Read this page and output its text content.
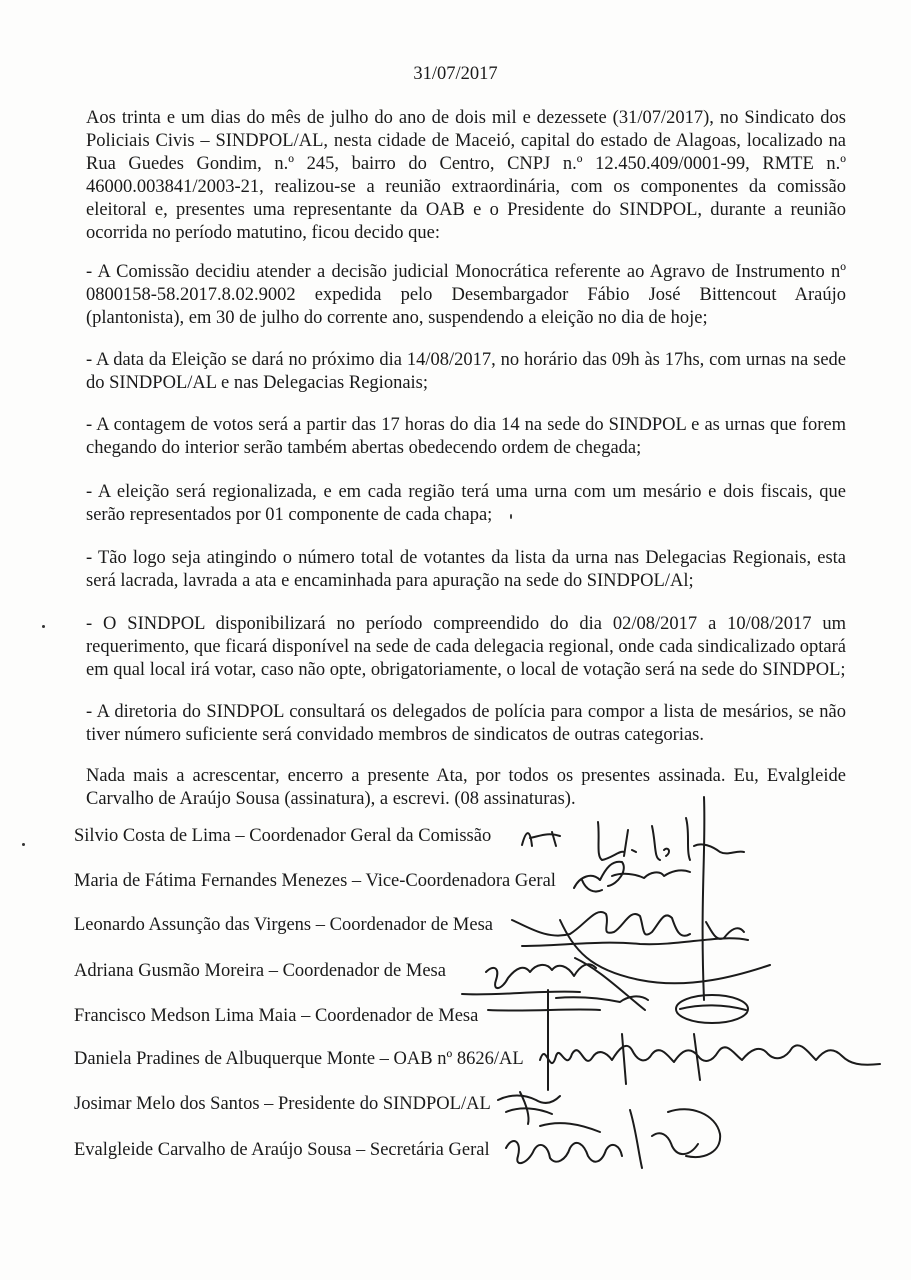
31/07/2017

Aos trinta e um dias do mês de julho do ano de dois mil e dezessete (31/07/2017), no Sindicato dos Policiais Civis – SINDPOL/AL, nesta cidade de Maceió, capital do estado de Alagoas, localizado na Rua Guedes Gondim, n.º 245, bairro do Centro, CNPJ n.º 12.450.409/0001-99, RMTE n.º 46000.003841/2003-21, realizou-se a reunião extraordinária, com os componentes da comissão eleitoral e, presentes uma representante da OAB e o Presidente do SINDPOL, durante a reunião ocorrida no período matutino, ficou decido que:

- A Comissão decidiu atender a decisão judicial Monocrática referente ao Agravo de Instrumento nº 0800158-58.2017.8.02.9002 expedida pelo Desembargador Fábio José Bittencout Araújo (plantonista), em 30 de julho do corrente ano, suspendendo a eleição no dia de hoje;

- A data da Eleição se dará no próximo dia 14/08/2017, no horário das 09h às 17hs, com urnas na sede do SINDPOL/AL e nas Delegacias Regionais;

- A contagem de votos será a partir das 17 horas do dia 14 na sede do SINDPOL e as urnas que forem chegando do interior serão também abertas obedecendo ordem de chegada;

- A eleição será regionalizada, e em cada região terá uma urna com um mesário e dois fiscais, que serão representados por 01 componente de cada chapa;

- Tão logo seja atingindo o número total de votantes da lista da urna nas Delegacias Regionais, esta será lacrada, lavrada a ata e encaminhada para apuração na sede do SINDPOL/Al;

- O SINDPOL disponibilizará no período compreendido do dia 02/08/2017 a 10/08/2017 um requerimento, que ficará disponível na sede de cada delegacia regional, onde cada sindicalizado optará em qual local irá votar, caso não opte, obrigatoriamente, o local de votação será na sede do SINDPOL;

- A diretoria do SINDPOL consultará os delegados de polícia para compor a lista de mesários, se não tiver número suficiente será convidado membros de sindicatos de outras categorias.

Nada mais a acrescentar, encerro a presente Ata, por todos os presentes assinada. Eu, Evalgleide Carvalho de Araújo Sousa (assinatura), a escrevi. (08 assinaturas).

Silvio Costa de Lima – Coordenador Geral da Comissão
Maria de Fátima Fernandes Menezes – Vice-Coordenadora Geral
Leonardo Assunção das Virgens – Coordenador de Mesa
Adriana Gusmão Moreira – Coordenador de Mesa
Francisco Medson Lima Maia – Coordenador de Mesa
Daniela Pradines de Albuquerque Monte – OAB nº 8626/AL
Josimar Melo dos Santos – Presidente do SINDPOL/AL
Evalgleide Carvalho de Araújo Sousa – Secretária Geral
